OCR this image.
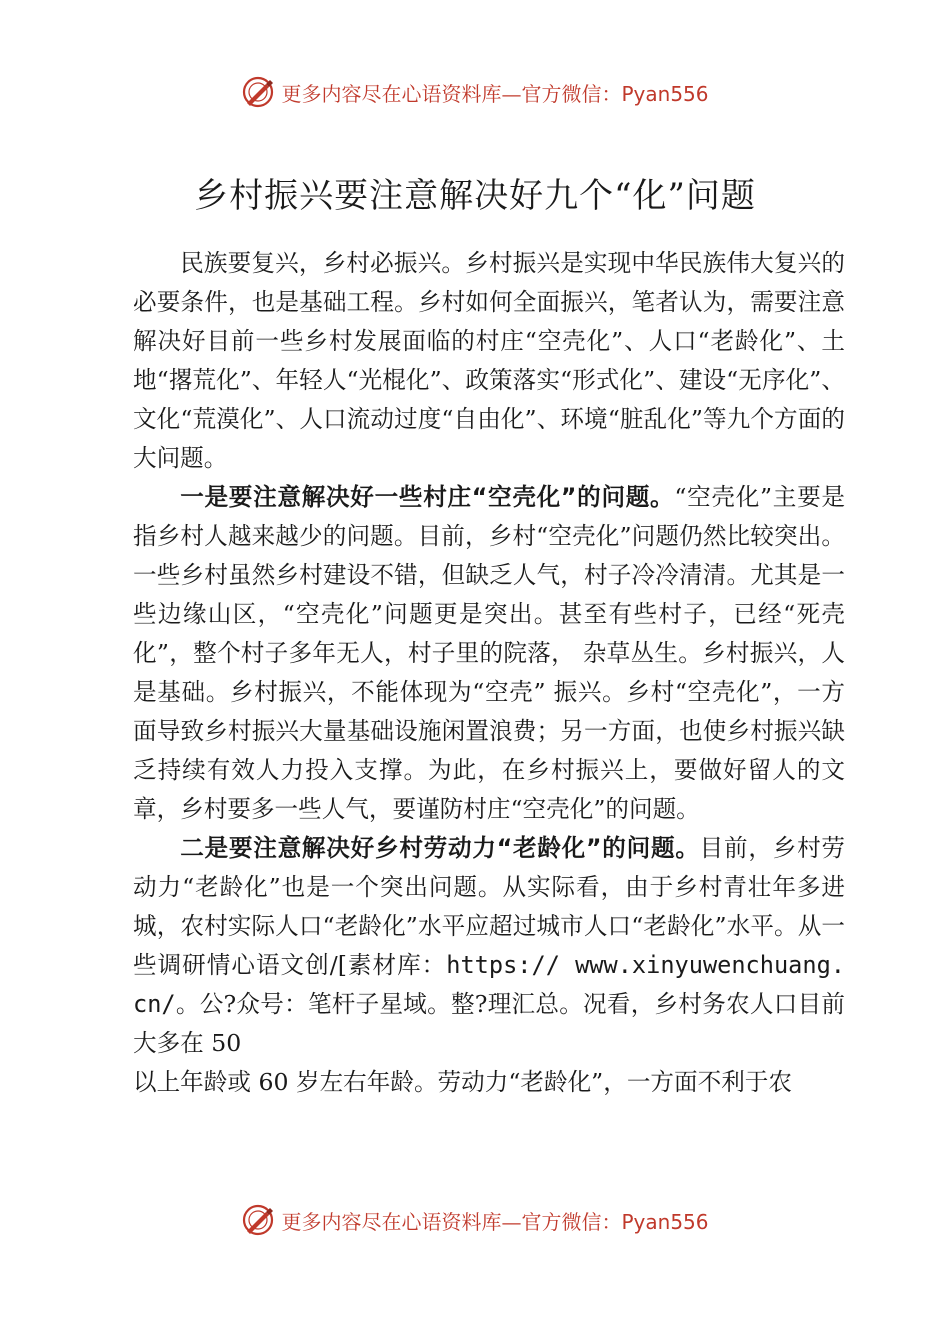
更多内容尽在心语资料库—官方微信：Pyan556
乡村振兴要注意解决好九个“化”问题

民族要复兴，乡村必振兴。乡村振兴是实现中华民族伟大复兴的必要条件，也是基础工程。乡村如何全面振兴，笔者认为，需要注意解决好目前一些乡村发展面临的村庄“空壳化”、人口“老龄化”、土地“撂荒化”、年轻人“光棍化”、政策落实“形式化”、建设“无序化”、文化“荒漠化”、人口流动过度“自由化”、环境“脏乱化”等九个方面的大问题。

一是要注意解决好一些村庄“空壳化”的问题。“空壳化”主要是指乡村人越来越少的问题。目前，乡村“空壳化”问题仍然比较突出。一些乡村虽然乡村建设不错，但缺乏人气，村子冷冷清清。尤其是一些边缘山区，“空壳化”问题更是突出。甚至有些村子，已经“死壳化”，整个村子多年无人，村子里的院落， 杂草丛生。乡村振兴，人是基础。乡村振兴，不能体现为“空壳” 振兴。乡村“空壳化”，一方面导致乡村振兴大量基础设施闲置浪费；另一方面，也使乡村振兴缺乏持续有效人力投入支撑。为此，在乡村振兴上，要做好留人的文章，乡村要多一些人气，要谨防村庄“空壳化”的问题。

二是要注意解决好乡村劳动力“老龄化”的问题。目前，乡村劳动力“老龄化”也是一个突出问题。从实际看，由于乡村青壮年多进城，农村实际人口“老龄化”水平应超过城市人口“老龄化”水平。从一些调研情心语文创/[素材库：https:// www.xinyuwenchuang.cn/。公?众号：笔杆子星域。整?理汇总。况看，乡村务农人口目前大多在 50

以上年龄或 60 岁左右年龄。劳动力“老龄化”，一方面不利于农

更多内容尽在心语资料库—官方微信：Pyan556
